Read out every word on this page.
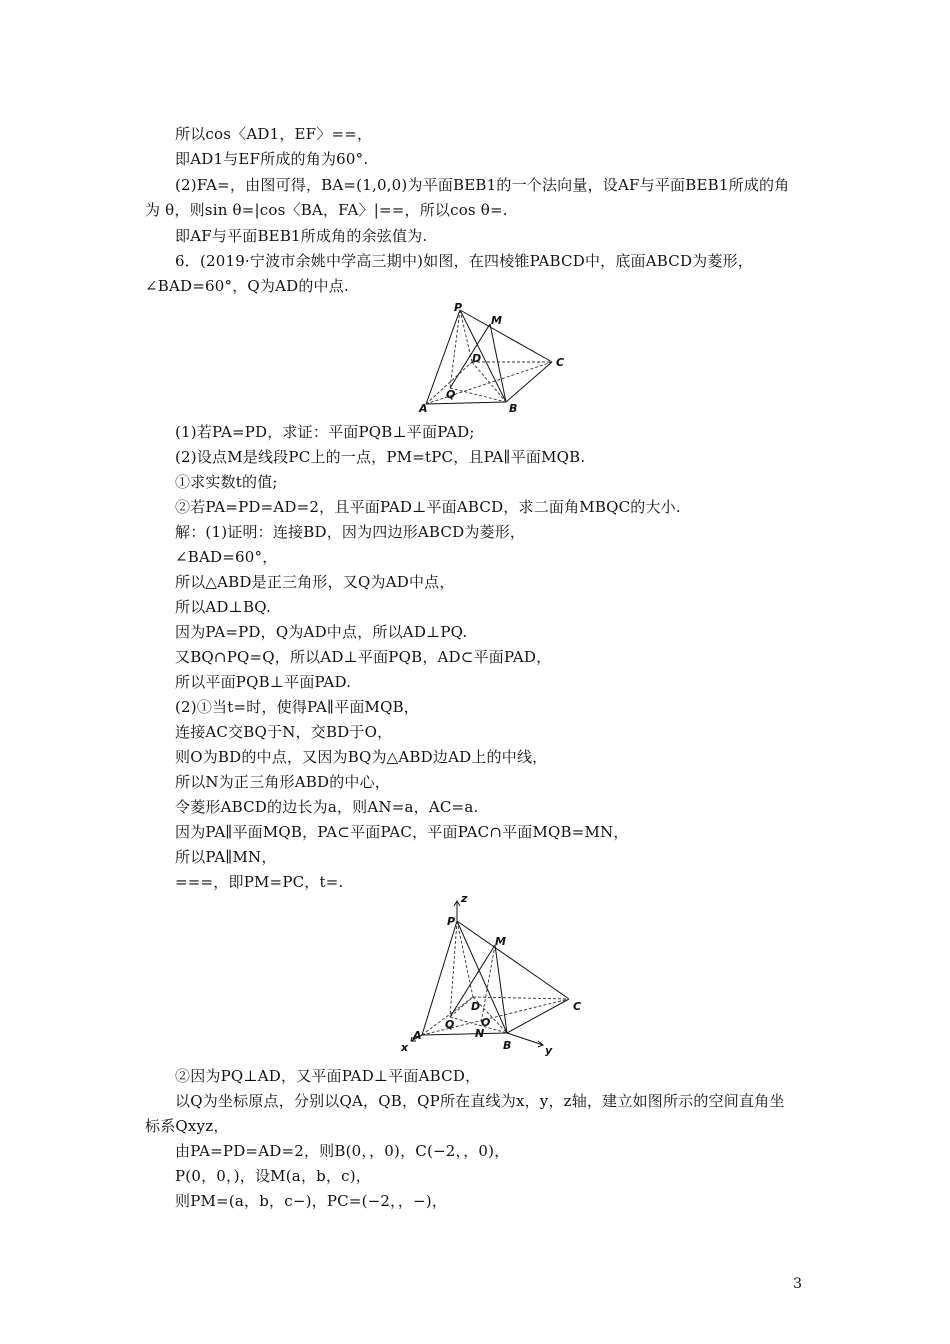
所以cos〈AD1，EF〉==，
即AD1与EF所成的角为60°.
(2)FA=，由图可得，BA=(1,0,0)为平面BEB1的一个法向量，设AF与平面BEB1所成的角
为 θ，则sin θ=|cos〈BA，FA〉|==，所以cos θ=.
即AF与平面BEB1所成角的余弦值为.
6．(2019·宁波市余姚中学高三期中)如图，在四棱锥PABCD中，底面ABCD为菱形，
∠BAD=60°，Q为AD的中点.
P
M
D	C
Q
A	B
(1)若PA=PD，求证：平面PQB⊥平面PAD;
(2)设点M是线段PC上的一点，PM=tPC，且PA∥平面MQB.
①求实数t的值;
②若PA=PD=AD=2，且平面PAD⊥平面ABCD，求二面角MBQC的大小.
解：(1)证明：连接BD，因为四边形ABCD为菱形，
∠BAD=60°，
所以△ABD是正三角形，又Q为AD中点，
所以AD⊥BQ.
因为PA=PD，Q为AD中点，所以AD⊥PQ.
又BQ∩PQ=Q，所以AD⊥平面PQB，AD⊂平面PAD，
所以平面PQB⊥平面PAD.
(2)①当t=时，使得PA∥平面MQB，
连接AC交BQ于N，交BD于O，
则O为BD的中点，又因为BQ为△ABD边AD上的中线，
所以N为正三角形ABD的中心，
令菱形ABCD的边长为a，则AN=a，AC=a.
因为PA∥平面MQB，PA⊂平面PAC，平面PAC∩平面MQB=MN，
所以PA∥MN，
===，即PM=PC，t=.
z
P
M
D	C
Q O
A	N
B
x	y
②因为PQ⊥AD，又平面PAD⊥平面ABCD，
以Q为坐标原点，分别以QA，QB，QP所在直线为x，y，z轴，建立如图所示的空间直角坐
标系Qxyz，
由PA=PD=AD=2，则B(0，，0)，C(−2，，0)，
P(0，0，)，设M(a，b，c)，
则PM=(a，b，c−)，PC=(−2，，−)，
3
